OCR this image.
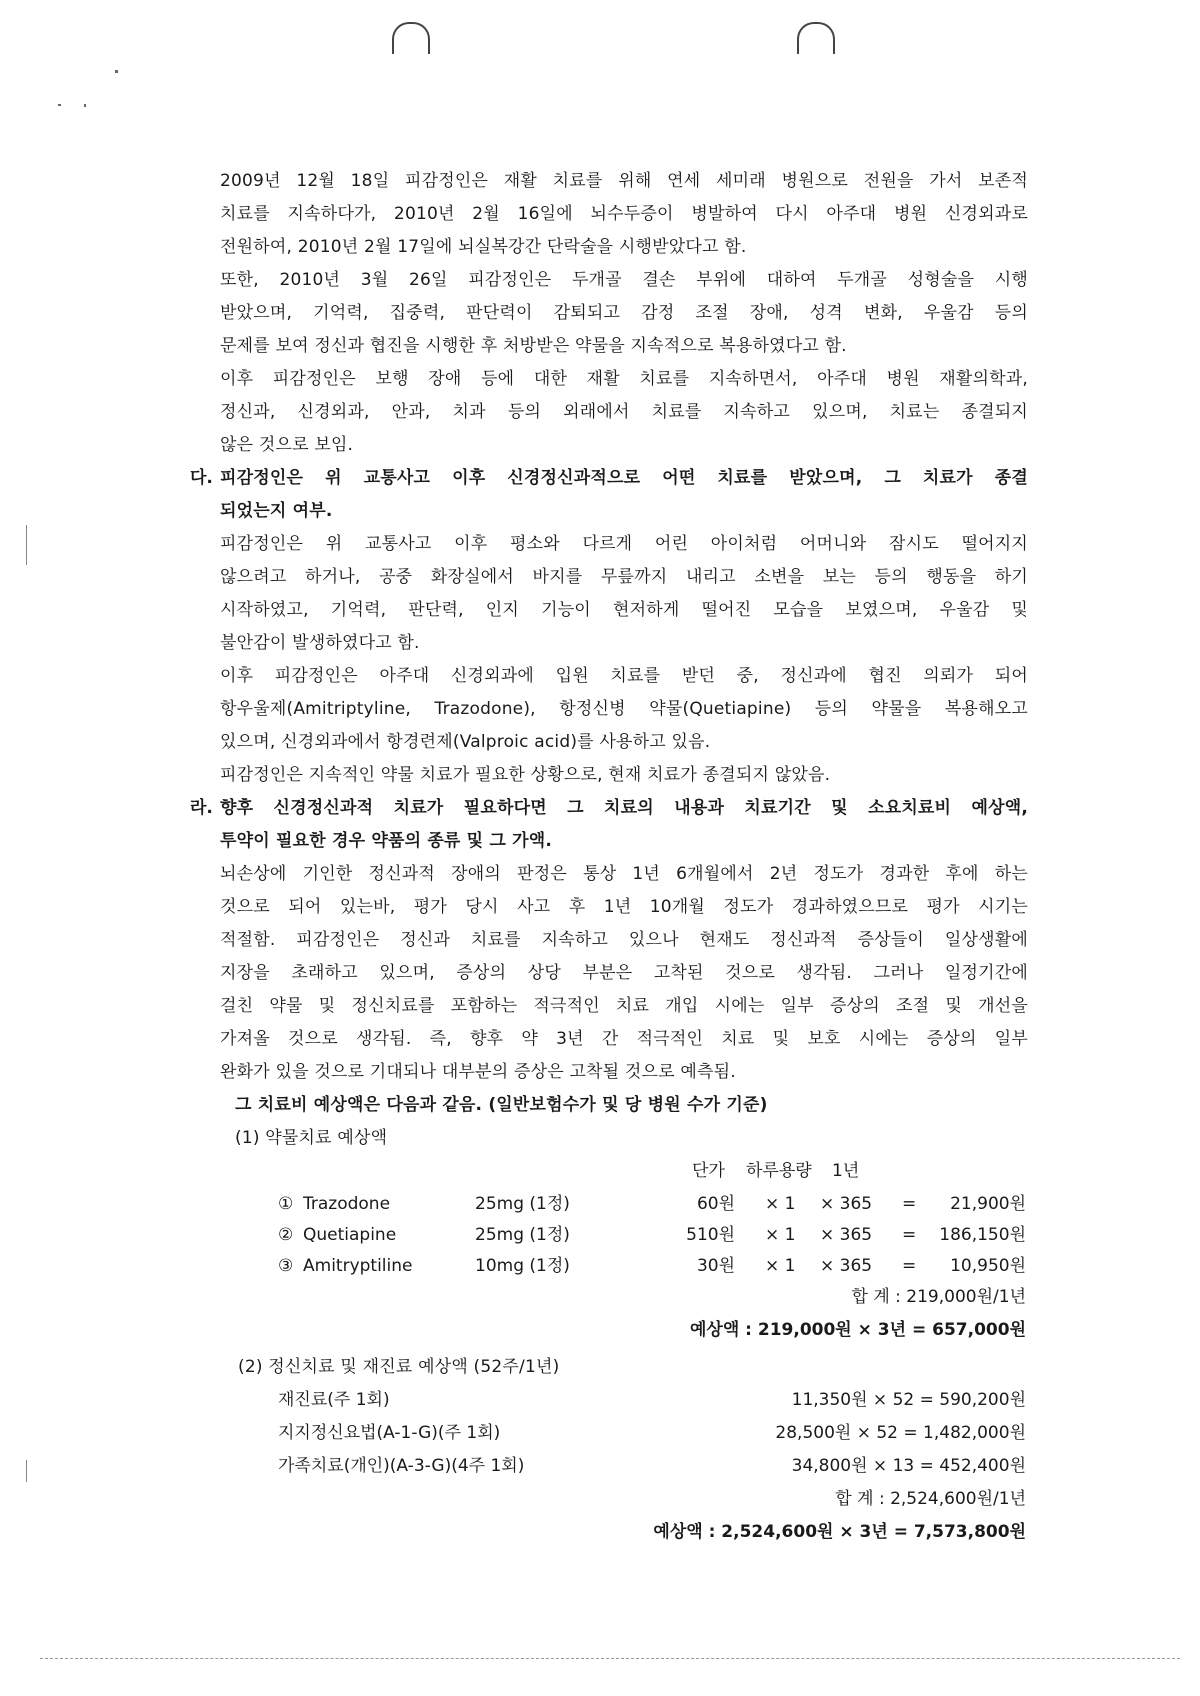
2009년 12월 18일 피감정인은 재활 치료를 위해 연세 세미래 병원으로 전원을 가서 보존적
치료를 지속하다가, 2010년 2월 16일에 뇌수두증이 병발하여 다시 아주대 병원 신경외과로
전원하여, 2010년 2월 17일에 뇌실복강간 단락술을 시행받았다고 함.
또한, 2010년 3월 26일 피감정인은 두개골 결손 부위에 대하여 두개골 성형술을 시행
받았으며, 기억력, 집중력, 판단력이 감퇴되고 감정 조절 장애, 성격 변화, 우울감 등의
문제를 보여 정신과 협진을 시행한 후 처방받은 약물을 지속적으로 복용하였다고 함.
이후 피감정인은 보행 장애 등에 대한 재활 치료를 지속하면서, 아주대 병원 재활의학과,
정신과, 신경외과, 안과, 치과 등의 외래에서 치료를 지속하고 있으며, 치료는 종결되지
않은 것으로 보임.
다. 피감정인은 위 교통사고 이후 신경정신과적으로 어떤 치료를 받았으며, 그 치료가 종결
되었는지 여부.
피감정인은 위 교통사고 이후 평소와 다르게 어린 아이처럼 어머니와 잠시도 떨어지지
않으려고 하거나, 공중 화장실에서 바지를 무릎까지 내리고 소변을 보는 등의 행동을 하기
시작하였고, 기억력, 판단력, 인지 기능이 현저하게 떨어진 모습을 보였으며, 우울감 및
불안감이 발생하였다고 함.
이후 피감정인은 아주대 신경외과에 입원 치료를 받던 중, 정신과에 협진 의뢰가 되어
항우울제(Amitriptyline, Trazodone), 항정신병 약물(Quetiapine) 등의 약물을 복용해오고
있으며, 신경외과에서 항경련제(Valproic acid)를 사용하고 있음.
피감정인은 지속적인 약물 치료가 필요한 상황으로, 현재 치료가 종결되지 않았음.
라. 향후 신경정신과적 치료가 필요하다면 그 치료의 내용과 치료기간 및 소요치료비 예상액,
투약이 필요한 경우 약품의 종류 및 그 가액.
뇌손상에 기인한 정신과적 장애의 판정은 통상 1년 6개월에서 2년 정도가 경과한 후에 하는
것으로 되어 있는바, 평가 당시 사고 후 1년 10개월 정도가 경과하였으므로 평가 시기는
적절함. 피감정인은 정신과 치료를 지속하고 있으나 현재도 정신과적 증상들이 일상생활에
지장을 초래하고 있으며, 증상의 상당 부분은 고착된 것으로 생각됨. 그러나 일정기간에
걸친 약물 및 정신치료를 포함하는 적극적인 치료 개입 시에는 일부 증상의 조절 및 개선을
가져올 것으로 생각됨. 즉, 향후 약 3년 간 적극적인 치료 및 보호 시에는 증상의 일부
완화가 있을 것으로 기대되나 대부분의 증상은 고착될 것으로 예측됨.
그 치료비 예상액은 다음과 같음. (일반보험수가 및 당 병원 수가 기준)
(1) 약물치료 예상액
단가 하루용량 1년
① Trazodone	25mg (1정)	60원 × 1 × 365 =	21,900원
② Quetiapine	25mg (1정)	510원 × 1 × 365 =	186,150원
③ Amitryptiline	10mg (1정)	30원 × 1 × 365 =	10,950원
합 계 : 219,000원/1년
예상액 : 219,000원 × 3년 = 657,000원
(2) 정신치료 및 재진료 예상액 (52주/1년)
재진료(주 1회)	11,350원 × 52 = 590,200원
지지정신요법(A-1-G)(주 1회)	28,500원 × 52 = 1,482,000원
가족치료(개인)(A-3-G)(4주 1회)	34,800원 × 13 = 452,400원
합 계 : 2,524,600원/1년
예상액 : 2,524,600원 × 3년 = 7,573,800원
